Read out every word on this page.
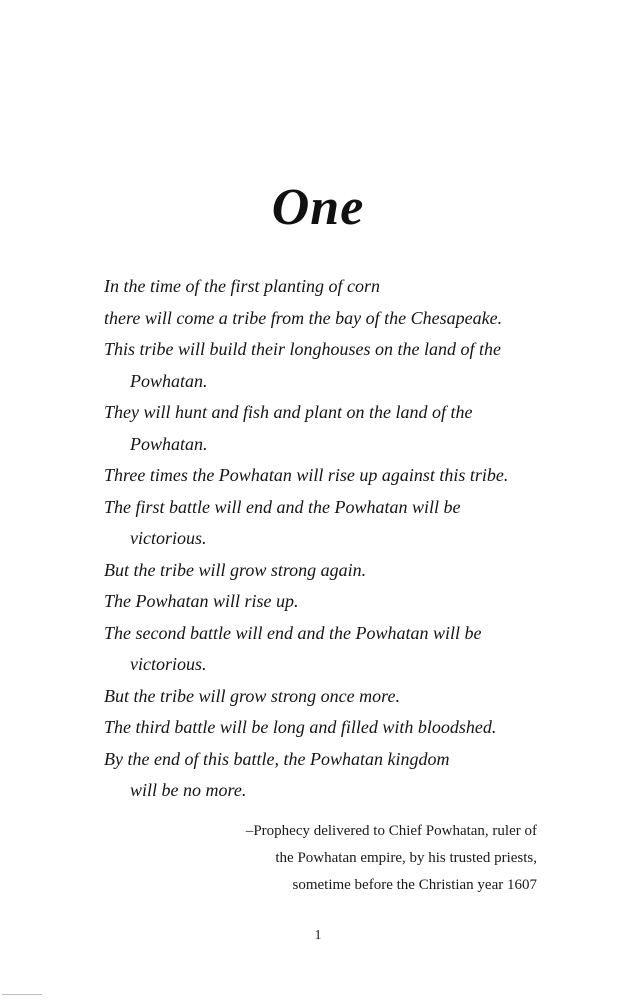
One
In the time of the first planting of corn
there will come a tribe from the bay of the Chesapeake.
This tribe will build their longhouses on the land of the
Powhatan.
They will hunt and fish and plant on the land of the
Powhatan.
Three times the Powhatan will rise up against this tribe.
The first battle will end and the Powhatan will be
victorious.
But the tribe will grow strong again.
The Powhatan will rise up.
The second battle will end and the Powhatan will be
victorious.
But the tribe will grow strong once more.
The third battle will be long and filled with bloodshed.
By the end of this battle, the Powhatan kingdom
will be no more.
–Prophecy delivered to Chief Powhatan, ruler of
the Powhatan empire, by his trusted priests,
sometime before the Christian year 1607
1
